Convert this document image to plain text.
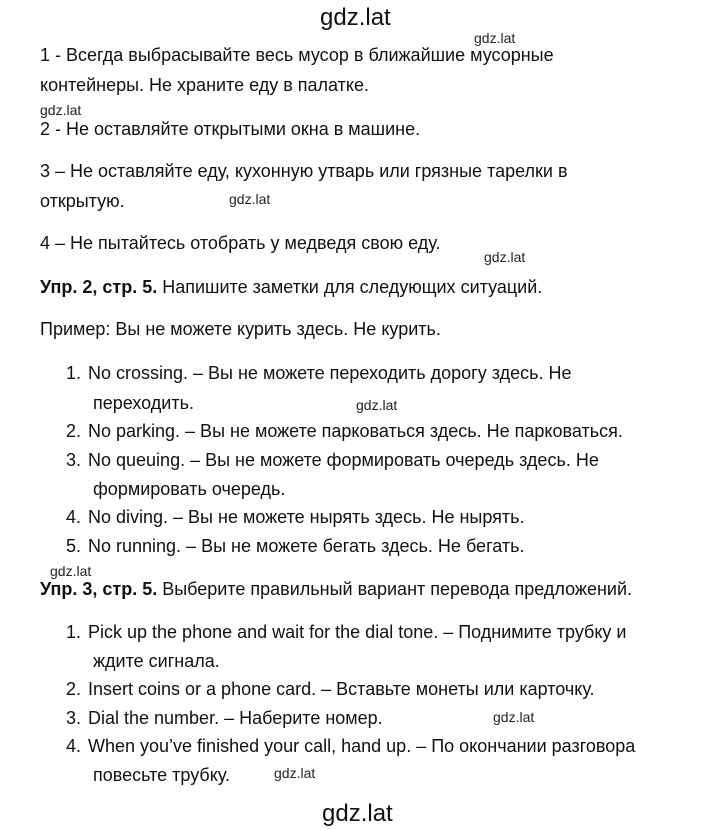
gdz.lat
gdz.lat
gdz.lat
gdz.lat
gdz.lat
gdz.lat
gdz.lat
gdz.lat
gdz.lat
gdz.lat
1 - Всегда выбрасывайте весь мусор в ближайшие мусорные
контейнеры. Не храните еду в палатке.
2 - Не оставляйте открытыми окна в машине.
3 – Не оставляйте еду, кухонную утварь или грязные тарелки в
открытую.
4 – Не пытайтесь отобрать у медведя свою еду.
Упр. 2, стр. 5. Напишите заметки для следующих ситуаций.
Пример: Вы не можете курить здесь. Не курить.
1. No crossing. – Вы не можете переходить дорогу здесь. Не
переходить.
2. No parking. – Вы не можете парковаться здесь. Не парковаться.
3. No queuing. – Вы не можете формировать очередь здесь. Не
формировать очередь.
4. No diving. – Вы не можете нырять здесь. Не нырять.
5. No running. – Вы не можете бегать здесь. Не бегать.
Упр. 3, стр. 5. Выберите правильный вариант перевода предложений.
1. Pick up the phone and wait for the dial tone. – Поднимите трубку и
ждите сигнала.
2. Insert coins or a phone card. – Вставьте монеты или карточку.
3. Dial the number. – Наберите номер.
4. When you’ve finished your call, hand up. – По окончании разговора
повесьте трубку.
